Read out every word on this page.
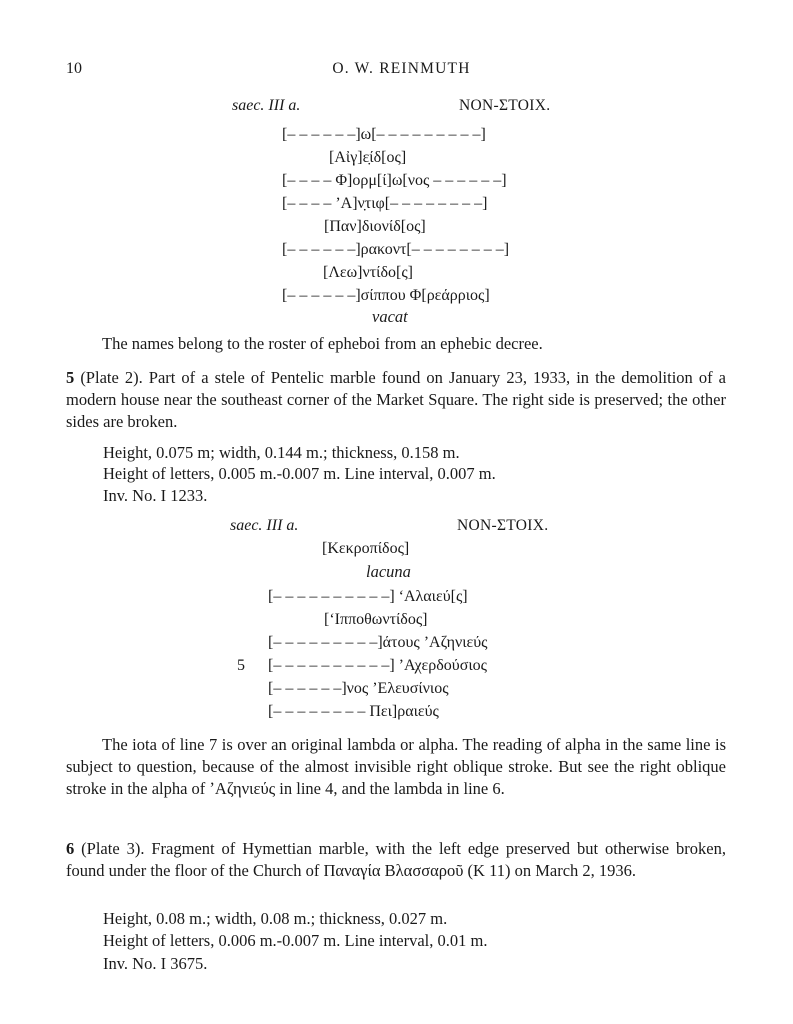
10	O. W. REINMUTH
saec. III a.	NON-ΣΤΟΙΧ.
[– – – – – –]ω[– – – – – – – – –]
[Αἰγ]ε̣ίδ[ος]
[– – – – Φ]ορμ[ί]ω[νος – – – – – –]
[– – – – ʼA]ν̣τιφ[– – – – – – – –]
[Παν]διονίδ[ος]
[– – – – – –]ρακοντ[– – – – – – – –]
[Λεω]ντίδο[ς]
[– – – – – –]σίππου Φ[ρεάρριος]
vacat
The names belong to the roster of epheboi from an ephebic decree.
5 (Plate 2). Part of a stele of Pentelic marble found on January 23, 1933, in the demolition of a modern house near the southeast corner of the Market Square. The right side is preserved; the other sides are broken.
Height, 0.075 m; width, 0.144 m.; thickness, 0.158 m.
Height of letters, 0.005 m.-0.007 m. Line interval, 0.007 m.
Inv. No. I 1233.
saec. III a.	NON-ΣΤΟΙΧ.
[Κεκροπίδος]
lacuna
[– – – – – – – – – –] ʻΑλαιεύ[ς]
[ʻΙπποθωντίδος]
[– – – – – – – – –]άτους ʼΑζηνιεύς
5 [– – – – – – – – – –] ʼΑχερδούσιος
[– – – – – –]νος ʼΕλευσίνιος
[– – – – – – – – Πει]ραιεύς
The iota of line 7 is over an original lambda or alpha. The reading of alpha in the same line is subject to question, because of the almost invisible right oblique stroke. But see the right oblique stroke in the alpha of ʼΑζηνιεύς in line 4, and the lambda in line 6.
6 (Plate 3). Fragment of Hymettian marble, with the left edge preserved but otherwise broken, found under the floor of the Church of Παναγία Βλασσαροῦ (K 11) on March 2, 1936.
Height, 0.08 m.; width, 0.08 m.; thickness, 0.027 m.
Height of letters, 0.006 m.-0.007 m. Line interval, 0.01 m.
Inv. No. I 3675.
